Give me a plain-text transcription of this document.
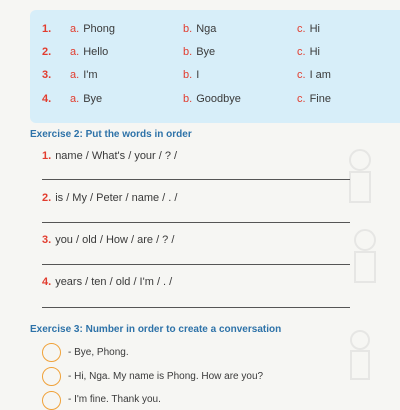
1. a. Phong	b. Nga	c. Hi
2. a. Hello	b. Bye	c. Hi
3. a. I'm	b. I	c. I am
4. a. Bye	b. Goodbye	c. Fine
Exercise 2: Put the words in order
1. name / What's / your / ? /
2. is / My / Peter / name / . /
3. you / old / How / are / ? /
4. years / ten / old / I'm / . /
Exercise 3: Number in order to create a conversation
- Bye, Phong.
- Hi, Nga. My name is Phong. How are you?
- I'm fine. Thank you.
